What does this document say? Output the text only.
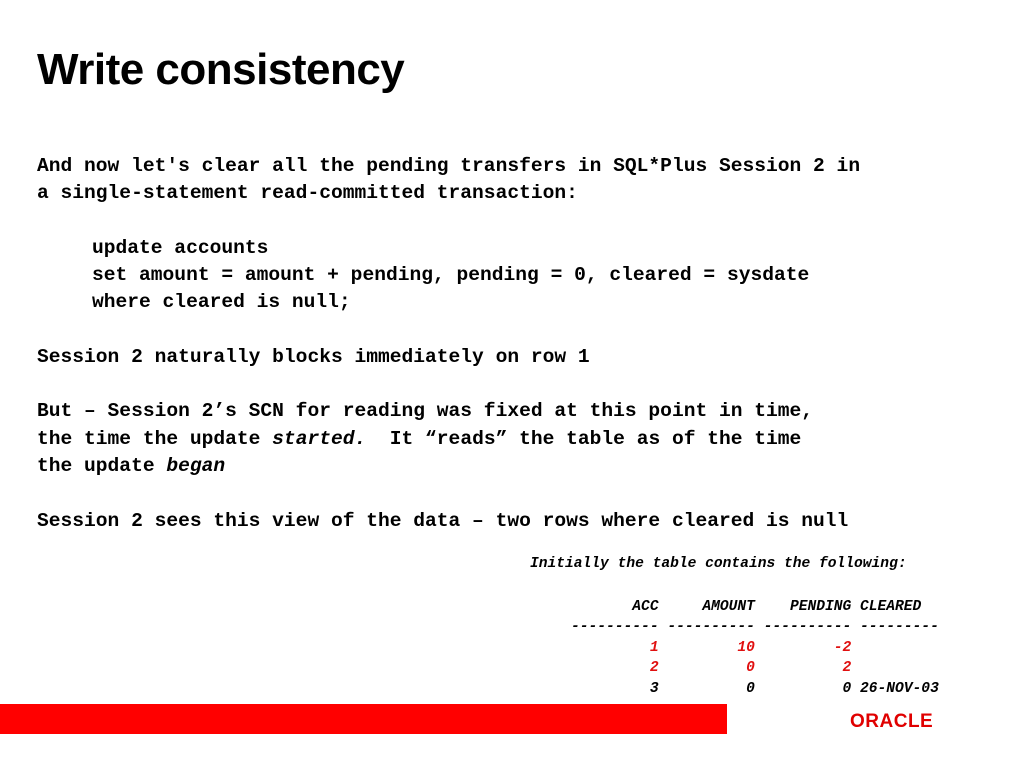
Write consistency
And now let's clear all the pending transfers in SQL*Plus Session 2 in
a single-statement read-committed transaction:
update accounts
set amount = amount + pending, pending = 0, cleared = sysdate
where cleared is null;
Session 2 naturally blocks immediately on row 1
But – Session 2’s SCN for reading was fixed at this point in time,
the time the update started.  It “reads” the table as of the time
the update began
Session 2 sees this view of the data – two rows where cleared is null
Initially the table contains the following:
ACC     AMOUNT    PENDING CLEARED
---------- ---------- ---------- ---------
1         10         -2
2          0          2
3          0          0 26-NOV-03
ORACLE
